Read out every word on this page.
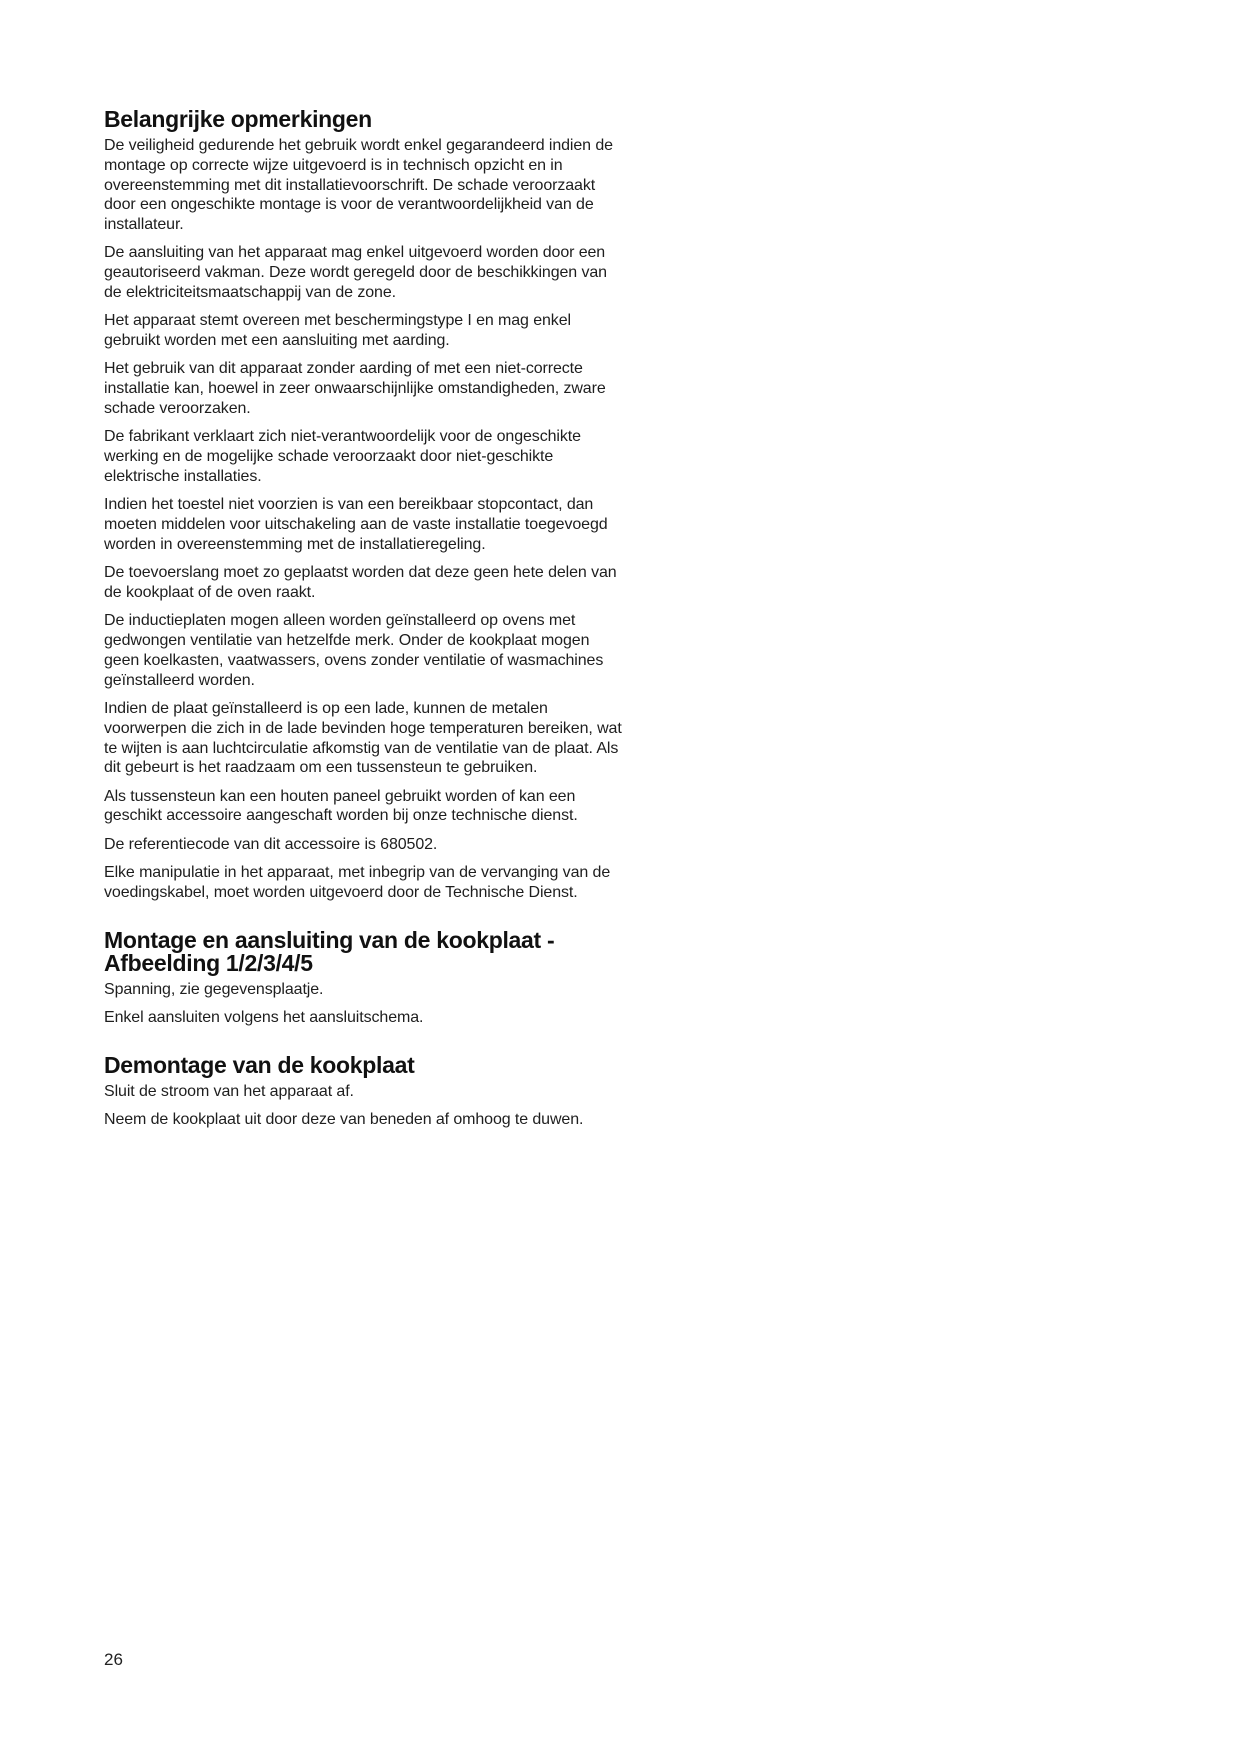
Belangrijke opmerkingen

De veiligheid gedurende het gebruik wordt enkel gegarandeerd indien de montage op correcte wijze uitgevoerd is in technisch opzicht en in overeenstemming met dit installatievoorschrift. De schade veroorzaakt door een ongeschikte montage is voor de verantwoordelijkheid van de installateur.

De aansluiting van het apparaat mag enkel uitgevoerd worden door een geautoriseerd vakman. Deze wordt geregeld door de beschikkingen van de elektriciteitsmaatschappij van de zone.

Het apparaat stemt overeen met beschermingstype I en mag enkel gebruikt worden met een aansluiting met aarding.

Het gebruik van dit apparaat zonder aarding of met een niet-correcte installatie kan, hoewel in zeer onwaarschijnlijke omstandigheden, zware schade veroorzaken.

De fabrikant verklaart zich niet-verantwoordelijk voor de ongeschikte werking en de mogelijke schade veroorzaakt door niet-geschikte elektrische installaties.

Indien het toestel niet voorzien is van een bereikbaar stopcontact, dan moeten middelen voor uitschakeling aan de vaste installatie toegevoegd worden in overeenstemming met de installatieregeling.

De toevoerslang moet zo geplaatst worden dat deze geen hete delen van de kookplaat of de oven raakt.

De inductieplaten mogen alleen worden geïnstalleerd op ovens met gedwongen ventilatie van hetzelfde merk. Onder de kookplaat mogen geen koelkasten, vaatwassers, ovens zonder ventilatie of wasmachines geïnstalleerd worden.

Indien de plaat geïnstalleerd is op een lade, kunnen de metalen voorwerpen die zich in de lade bevinden hoge temperaturen bereiken, wat te wijten is aan luchtcirculatie afkomstig van de ventilatie van de plaat. Als dit gebeurt is het raadzaam om een tussensteun te gebruiken.

Als tussensteun kan een houten paneel gebruikt worden of kan een geschikt accessoire aangeschaft worden bij onze technische dienst.

De referentiecode van dit accessoire is 680502.

Elke manipulatie in het apparaat, met inbegrip van de vervanging van de voedingskabel, moet worden uitgevoerd door de Technische Dienst.

Montage en aansluiting van de kookplaat -
Afbeelding 1/2/3/4/5

Spanning, zie gegevensplaatje.

Enkel aansluiten volgens het aansluitschema.

Demontage van de kookplaat

Sluit de stroom van het apparaat af.

Neem de kookplaat uit door deze van beneden af omhoog te duwen.

26
